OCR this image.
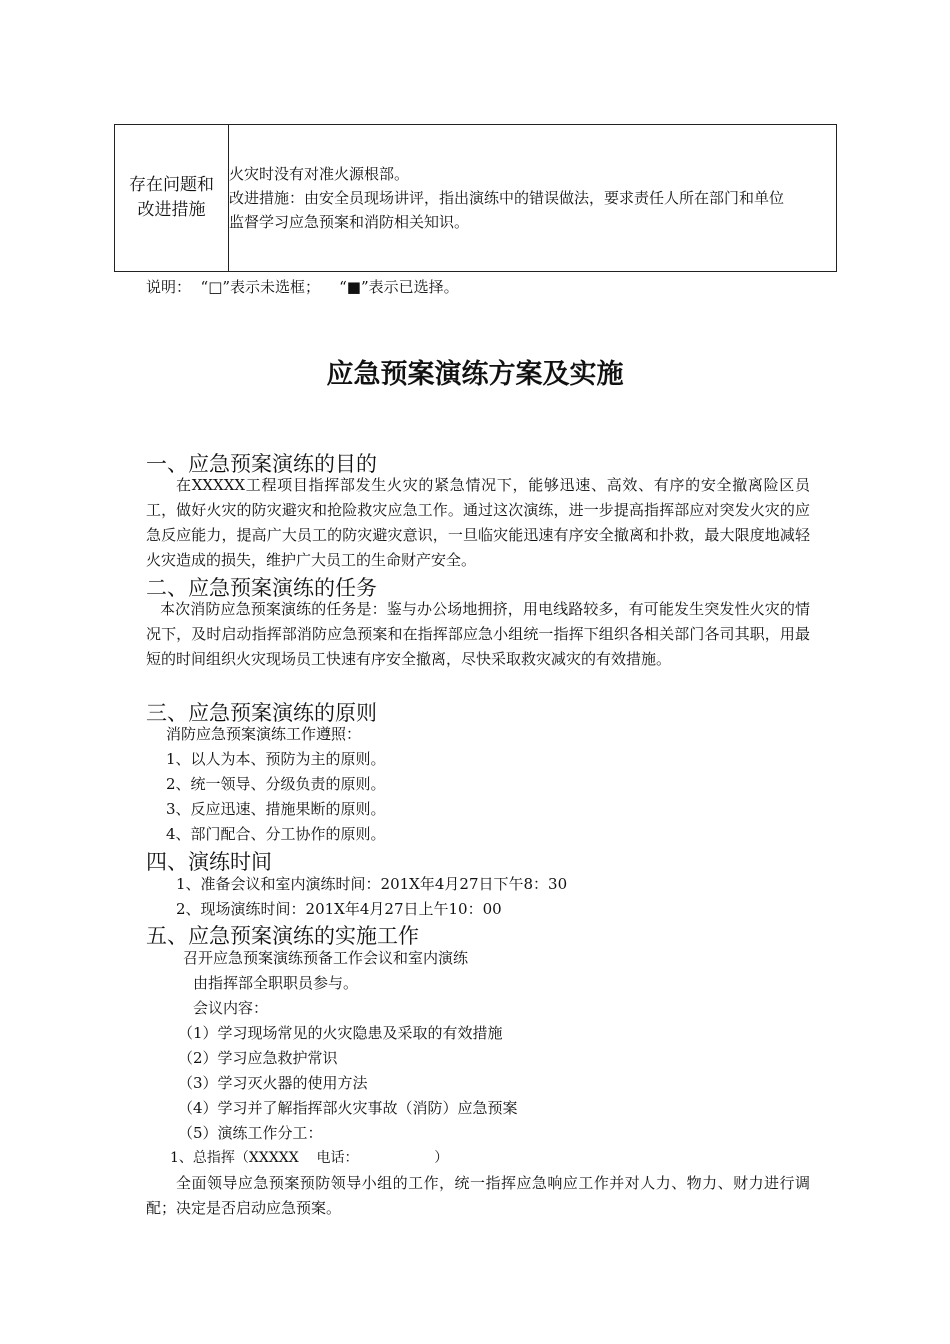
存在问题和
改进措施

火灾时没有对准火源根部。
改进措施：由安全员现场讲评，指出演练中的错误做法，要求责任人所在部门和单位
监督学习应急预案和消防相关知识。
说明：  “□”表示未选框；    “■”表示已选择。
应急预案演练方案及实施
一、应急预案演练的目的
在XXXXX工程项目指挥部发生火灾的紧急情况下，能够迅速、高效、有序的安全撤离险区员工，做好火灾的防灾避灾和抢险救灾应急工作。通过这次演练，进一步提高指挥部应对突发火灾的应急反应能力，提高广大员工的防灾避灾意识，一旦临灾能迅速有序安全撤离和扑救，最大限度地减轻火灾造成的损失，维护广大员工的生命财产安全。
二、应急预案演练的任务
本次消防应急预案演练的任务是：鉴与办公场地拥挤，用电线路较多，有可能发生突发性火灾的情况下，及时启动指挥部消防应急预案和在指挥部应急小组统一指挥下组织各相关部门各司其职，用最短的时间组织火灾现场员工快速有序安全撤离，尽快采取救灾减灾的有效措施。
三、应急预案演练的原则
消防应急预案演练工作遵照：
1、以人为本、预防为主的原则。
2、统一领导、分级负责的原则。
3、反应迅速、措施果断的原则。
4、部门配合、分工协作的原则。
四、演练时间
1、准备会议和室内演练时间：201X年4月27日下午8：30
2、现场演练时间：201X年4月27日上午10：00
五、应急预案演练的实施工作
召开应急预案演练预备工作会议和室内演练
由指挥部全职职员参与。
会议内容：
（1）学习现场常见的火灾隐患及采取的有效措施
（2）学习应急救护常识
（3）学习灭火器的使用方法
（4）学习并了解指挥部火灾事故（消防）应急预案
（5）演练工作分工：
1、总指挥（XXXXX    电话：                 ）
全面领导应急预案预防领导小组的工作，统一指挥应急响应工作并对人力、物力、财力进行调配；决定是否启动应急预案。
